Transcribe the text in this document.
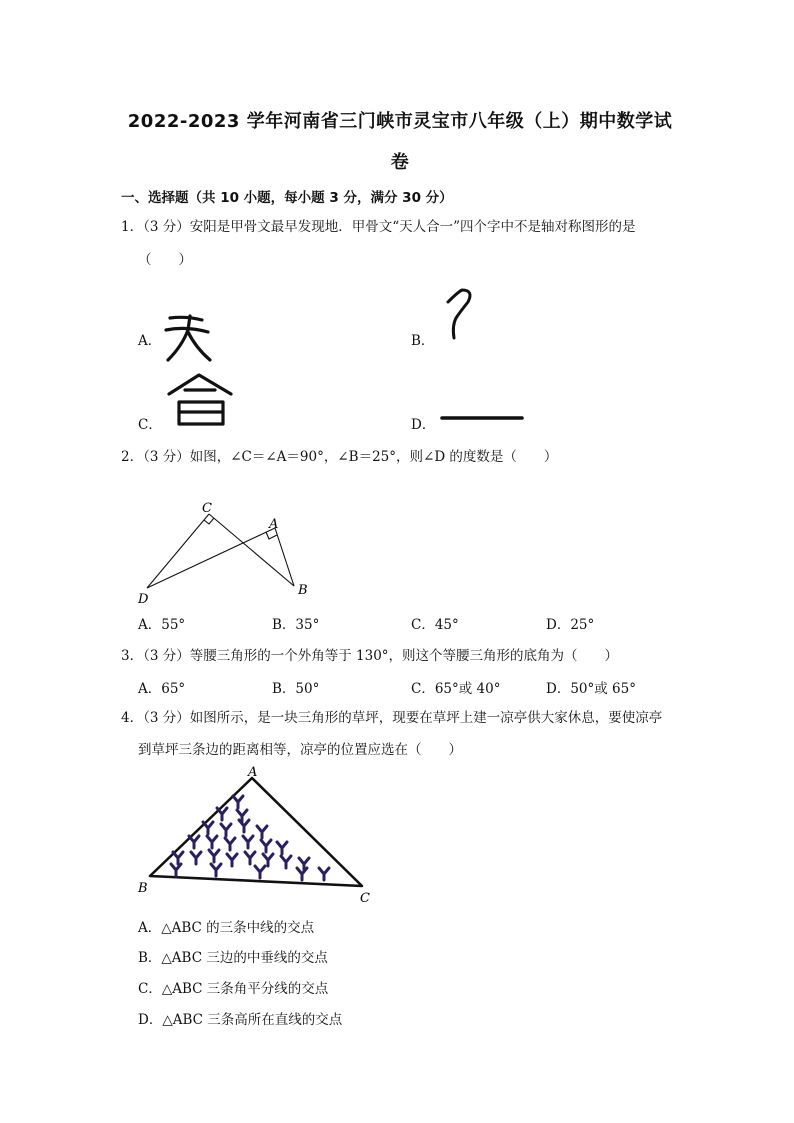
2022-2023 学年河南省三门峡市灵宝市八年级（上）期中数学试
卷
一、选择题（共 10 小题，每小题 3 分，满分 30 分）
1．（3 分）安阳是甲骨文最早发现地．甲骨文“天人合一”四个字中不是轴对称图形的是
（　　）
A．	B．
C．	D．
2．（3 分）如图，∠C＝∠A＝90°，∠B＝25°，则∠D 的度数是（　　）
C
A
D
B
A．55°	B．35°	C．45°	D．25°
3．（3 分）等腰三角形的一个外角等于 130°，则这个等腰三角形的底角为（　　）
A．65°	B．50°	C．65°或 40°	D．50°或 65°
4．（3 分）如图所示，是一块三角形的草坪，现要在草坪上建一凉亭供大家休息，要使凉亭
到草坪三条边的距离相等，凉亭的位置应选在（　　）
A
B
C
A．△ABC 的三条中线的交点
B．△ABC 三边的中垂线的交点
C．△ABC 三条角平分线的交点
D．△ABC 三条高所在直线的交点
